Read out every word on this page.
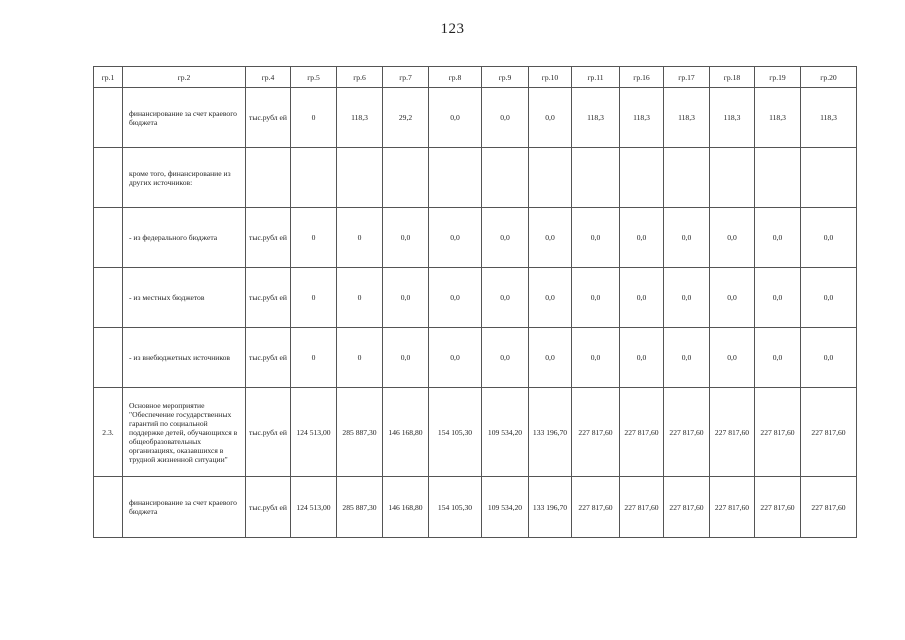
123
гр.1	гр.2	гр.4	гр.5	гр.6	гр.7	гр.8	гр.9	гр.10	гр.11	гр.16	гр.17	гр.18	гр.19	гр.20
	финансирование за счет краевого бюджета	тыс.рубл ей	0	118,3	29,2	0,0	0,0	0,0	118,3	118,3	118,3	118,3	118,3	118,3
	кроме того, финансирование из других источников:													
	- из федерального бюджета	тыс.рубл ей	0	0	0,0	0,0	0,0	0,0	0,0	0,0	0,0	0,0	0,0	0,0
	- из местных бюджетов	тыс.рубл ей	0	0	0,0	0,0	0,0	0,0	0,0	0,0	0,0	0,0	0,0	0,0
	- из внебюджетных источников	тыс.рубл ей	0	0	0,0	0,0	0,0	0,0	0,0	0,0	0,0	0,0	0,0	0,0
2.3.	Основное мероприятие "Обеспечение государственных гарантий по социальной поддержке детей, обучающихся в общеобразовательных организациях, оказавшихся в трудной жизненной ситуации"	тыс.рубл ей	124 513,00	285 887,30	146 168,80	154 105,30	109 534,20	133 196,70	227 817,60	227 817,60	227 817,60	227 817,60	227 817,60	227 817,60
	финансирование за счет краевого бюджета	тыс.рубл ей	124 513,00	285 887,30	146 168,80	154 105,30	109 534,20	133 196,70	227 817,60	227 817,60	227 817,60	227 817,60	227 817,60	227 817,60
